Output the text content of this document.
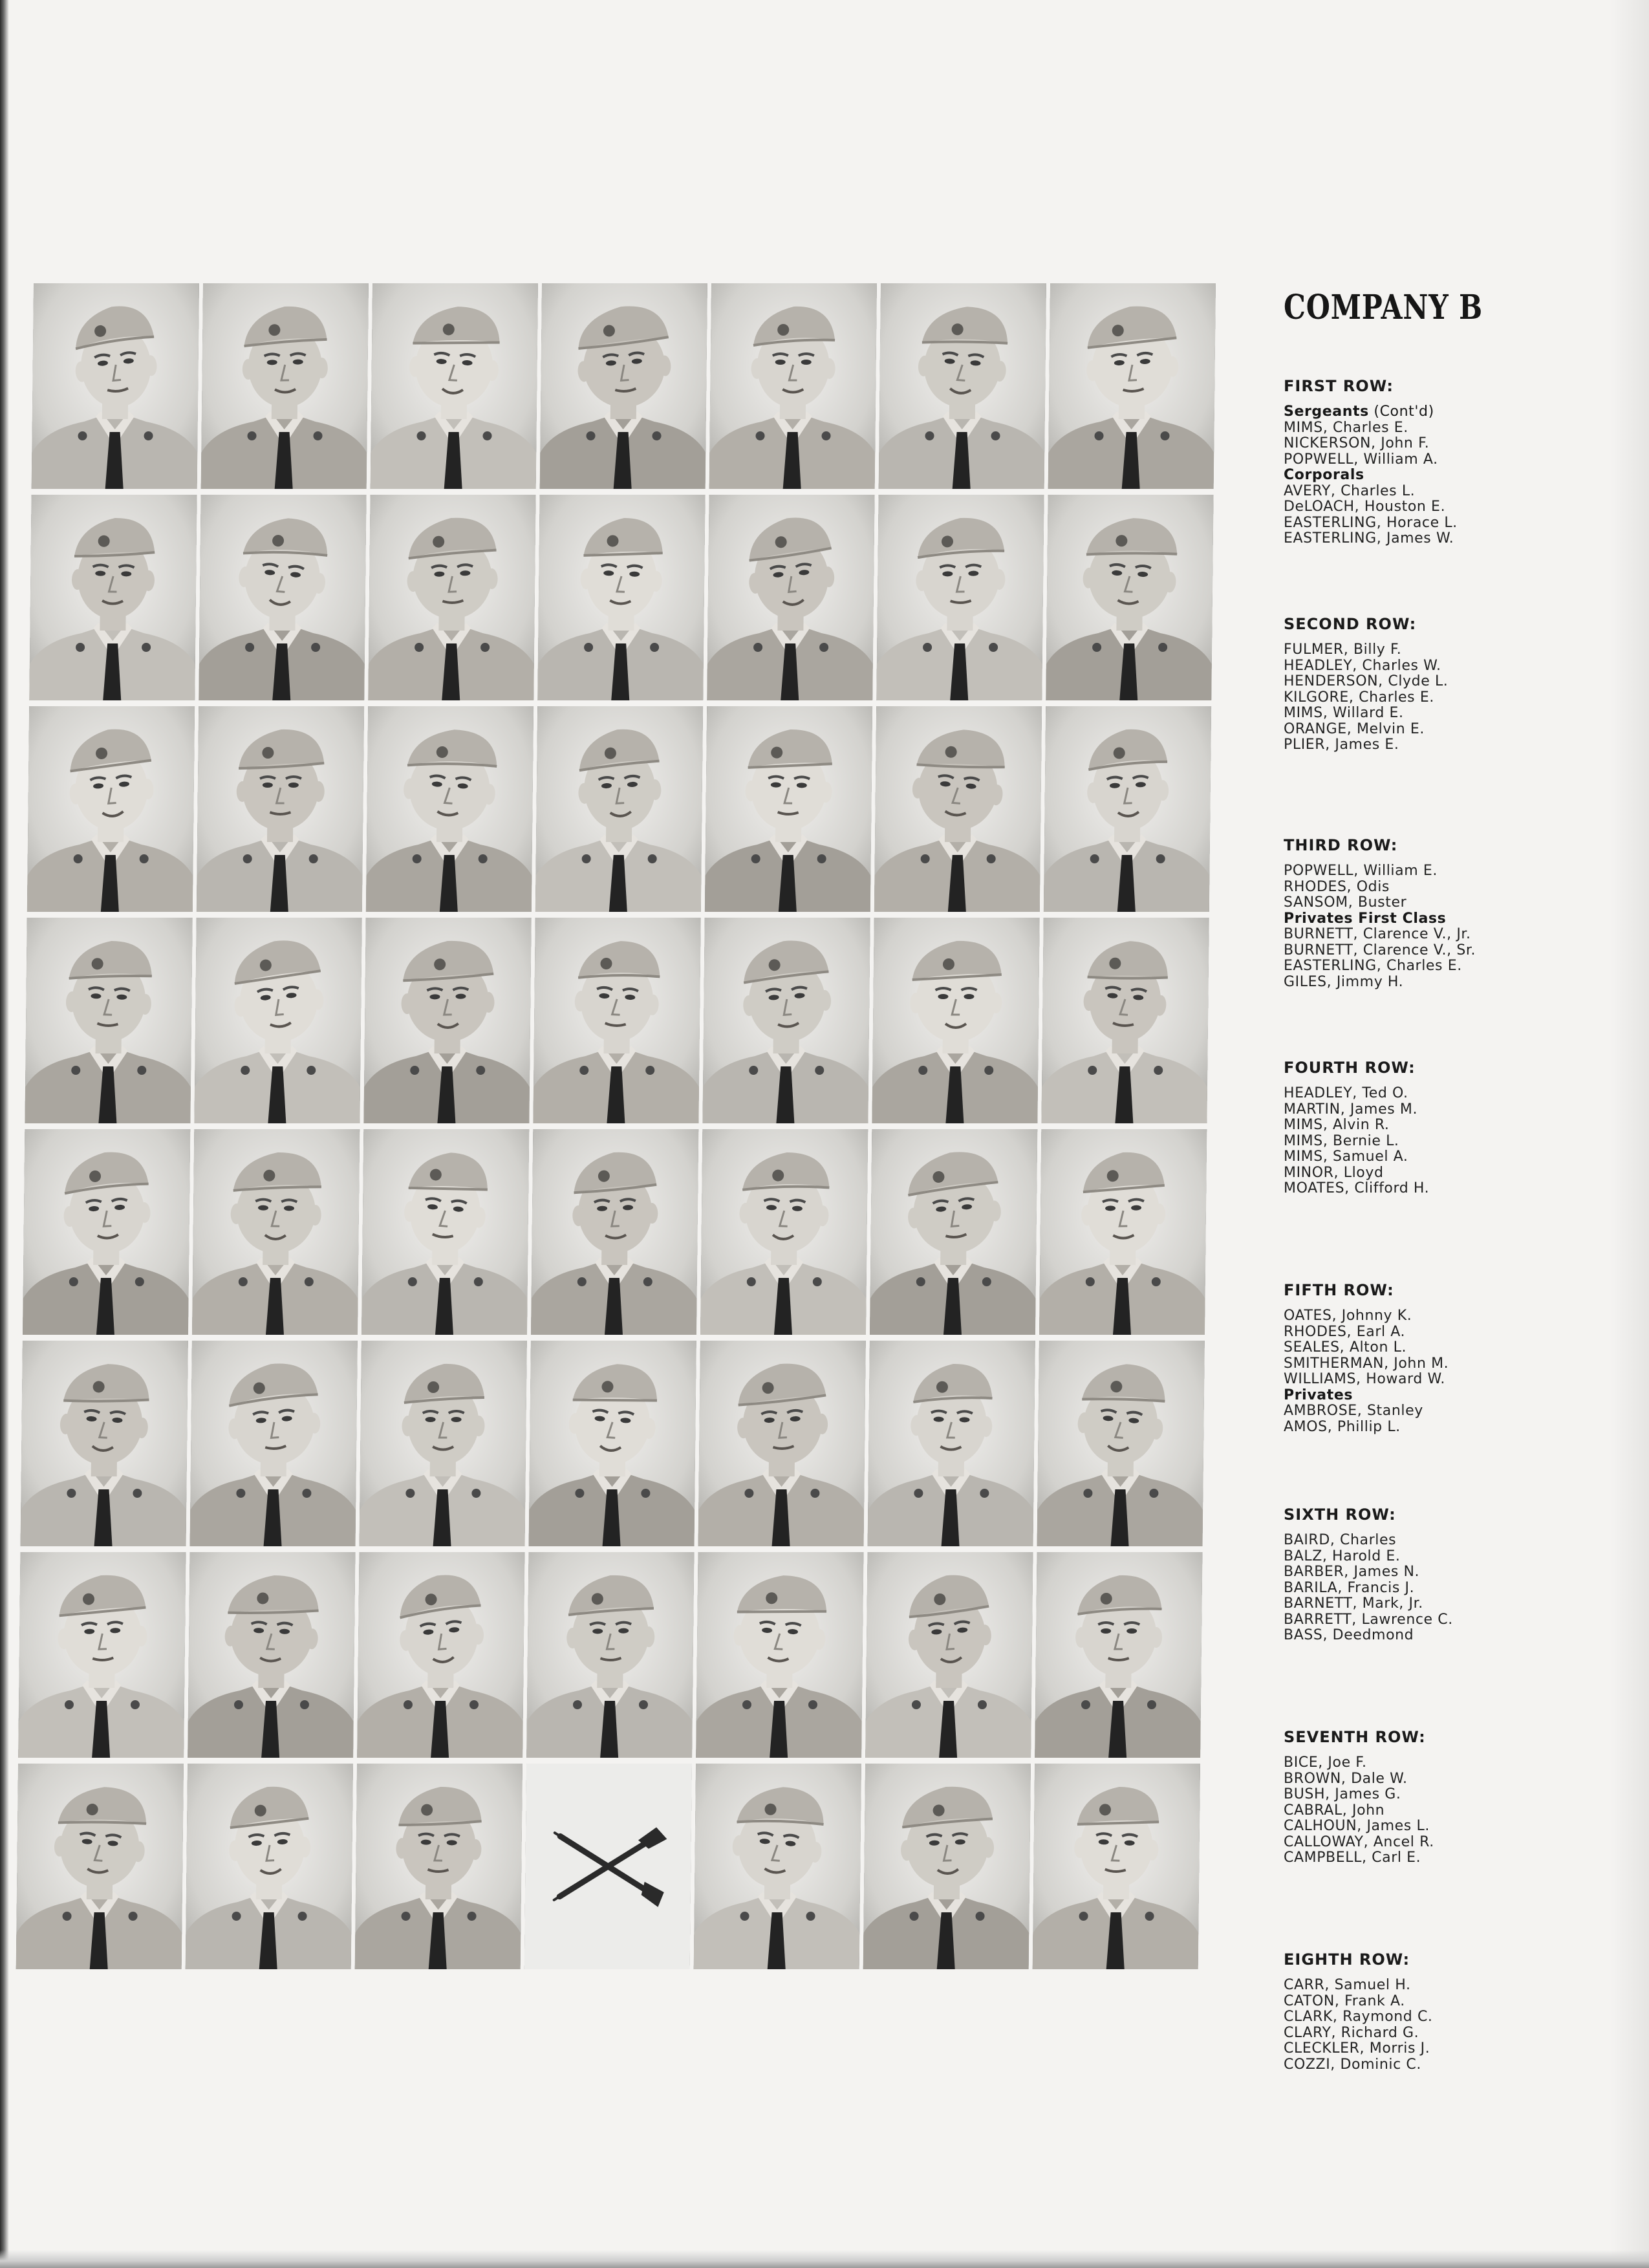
COMPANY B
FIRST ROW:
Sergeants (Cont'd)
MIMS, Charles E.
NICKERSON, John F.
POPWELL, William A.
Corporals
AVERY, Charles L.
DeLOACH, Houston E.
EASTERLING, Horace L.
EASTERLING, James W.
SECOND ROW:
FULMER, Billy F.
HEADLEY, Charles W.
HENDERSON, Clyde L.
KILGORE, Charles E.
MIMS, Willard E.
ORANGE, Melvin E.
PLIER, James E.
THIRD ROW:
POPWELL, William E.
RHODES, Odis
SANSOM, Buster
Privates First Class
BURNETT, Clarence V., Jr.
BURNETT, Clarence V., Sr.
EASTERLING, Charles E.
GILES, Jimmy H.
FOURTH ROW:
HEADLEY, Ted O.
MARTIN, James M.
MIMS, Alvin R.
MIMS, Bernie L.
MIMS, Samuel A.
MINOR, Lloyd
MOATES, Clifford H.
FIFTH ROW:
OATES, Johnny K.
RHODES, Earl A.
SEALES, Alton L.
SMITHERMAN, John M.
WILLIAMS, Howard W.
Privates
AMBROSE, Stanley
AMOS, Phillip L.
SIXTH ROW:
BAIRD, Charles
BALZ, Harold E.
BARBER, James N.
BARILA, Francis J.
BARNETT, Mark, Jr.
BARRETT, Lawrence C.
BASS, Deedmond
SEVENTH ROW:
BICE, Joe F.
BROWN, Dale W.
BUSH, James G.
CABRAL, John
CALHOUN, James L.
CALLOWAY, Ancel R.
CAMPBELL, Carl E.
EIGHTH ROW:
CARR, Samuel H.
CATON, Frank A.
CLARK, Raymond C.
CLARY, Richard G.
CLECKLER, Morris J.
COZZI, Dominic C.
